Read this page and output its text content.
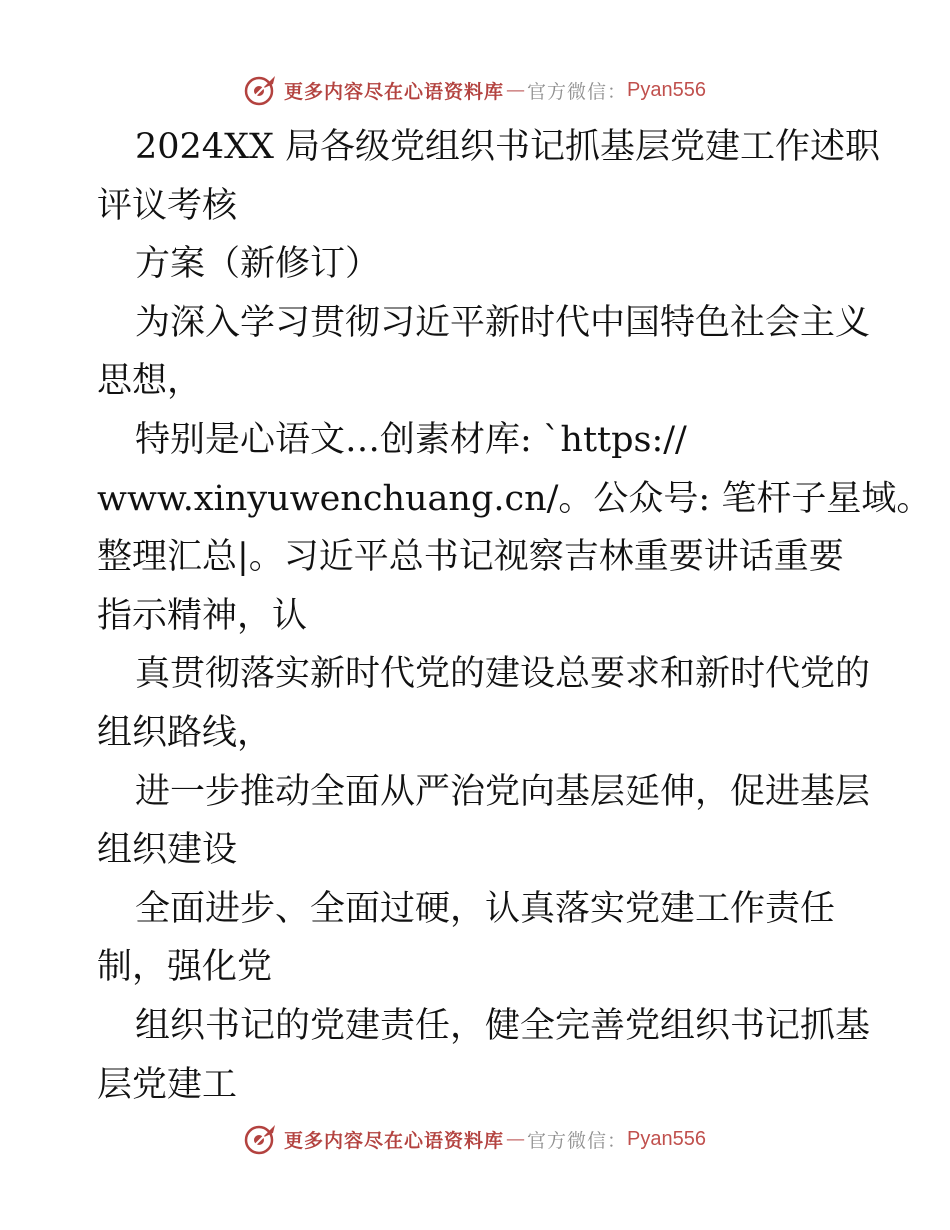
更多内容尽在心语资料库 — 官方微信： Pyan556
2024XX 局各级党组织书记抓基层党建工作述职
评议考核
方案（新修订）
为深入学习贯彻习近平新时代中国特色社会主义
思想，
特别是心语文…创素材库: `https://
www.xinyuwenchuang.cn/。公众号: 笔杆子星域。
整理汇总|。习近平总书记视察吉林重要讲话重要
指示精神，认
真贯彻落实新时代党的建设总要求和新时代党的
组织路线，
进一步推动全面从严治党向基层延伸，促进基层
组织建设
全面进步、全面过硬，认真落实党建工作责任
制，强化党
组织书记的党建责任，健全完善党组织书记抓基
层党建工
更多内容尽在心语资料库 — 官方微信： Pyan556
